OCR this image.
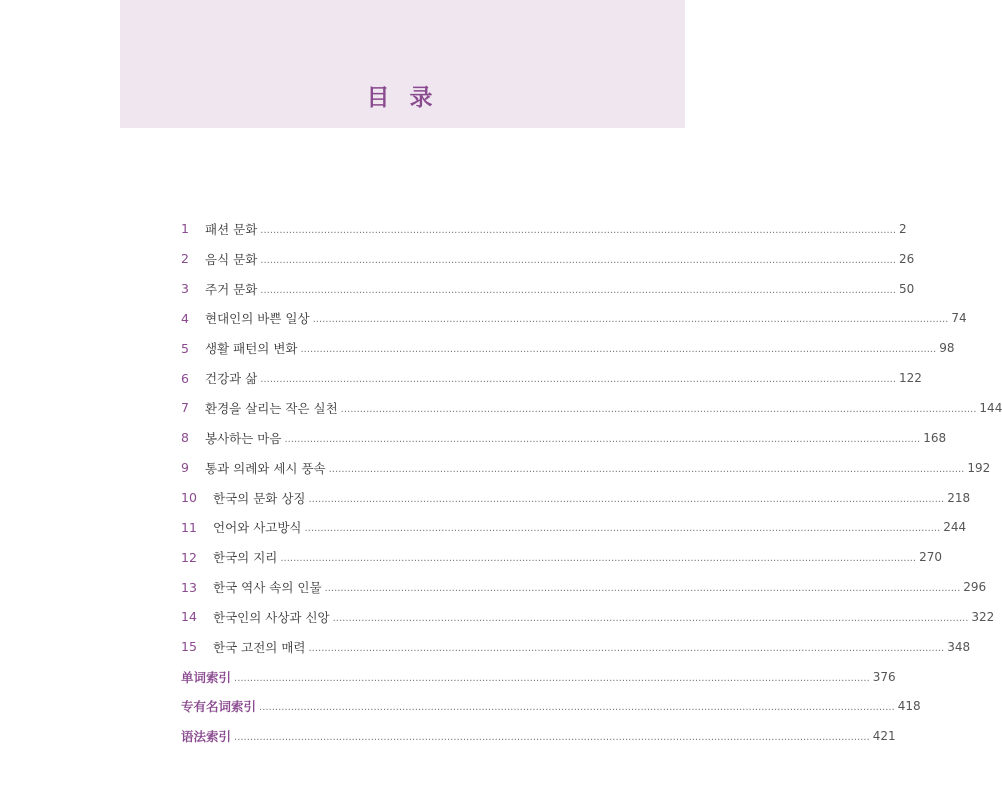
目 录
1	패션 문화 ........................................................................................................................................................................................................ 2
2	음식 문화 ........................................................................................................................................................................................................ 26
3	주거 문화 ........................................................................................................................................................................................................ 50
4	현대인의 바쁜 일상 ........................................................................................................................................................................................................ 74
5	생활 패턴의 변화 ........................................................................................................................................................................................................ 98
6	건강과 삶 ........................................................................................................................................................................................................ 122
7	환경을 살리는 작은 실천 ........................................................................................................................................................................................................ 144
8	봉사하는 마음 ........................................................................................................................................................................................................ 168
9	통과 의례와 세시 풍속 ........................................................................................................................................................................................................ 192
10	한국의 문화 상징 ........................................................................................................................................................................................................ 218
11	언어와 사고방식 ........................................................................................................................................................................................................ 244
12	한국의 지리 ........................................................................................................................................................................................................ 270
13	한국 역사 속의 인물 ........................................................................................................................................................................................................ 296
14	한국인의 사상과 신앙 ........................................................................................................................................................................................................ 322
15	한국 고전의 매력 ........................................................................................................................................................................................................ 348
单词索引 ........................................................................................................................................................................................................ 376
专有名词索引 ........................................................................................................................................................................................................ 418
语法索引 ........................................................................................................................................................................................................ 421
